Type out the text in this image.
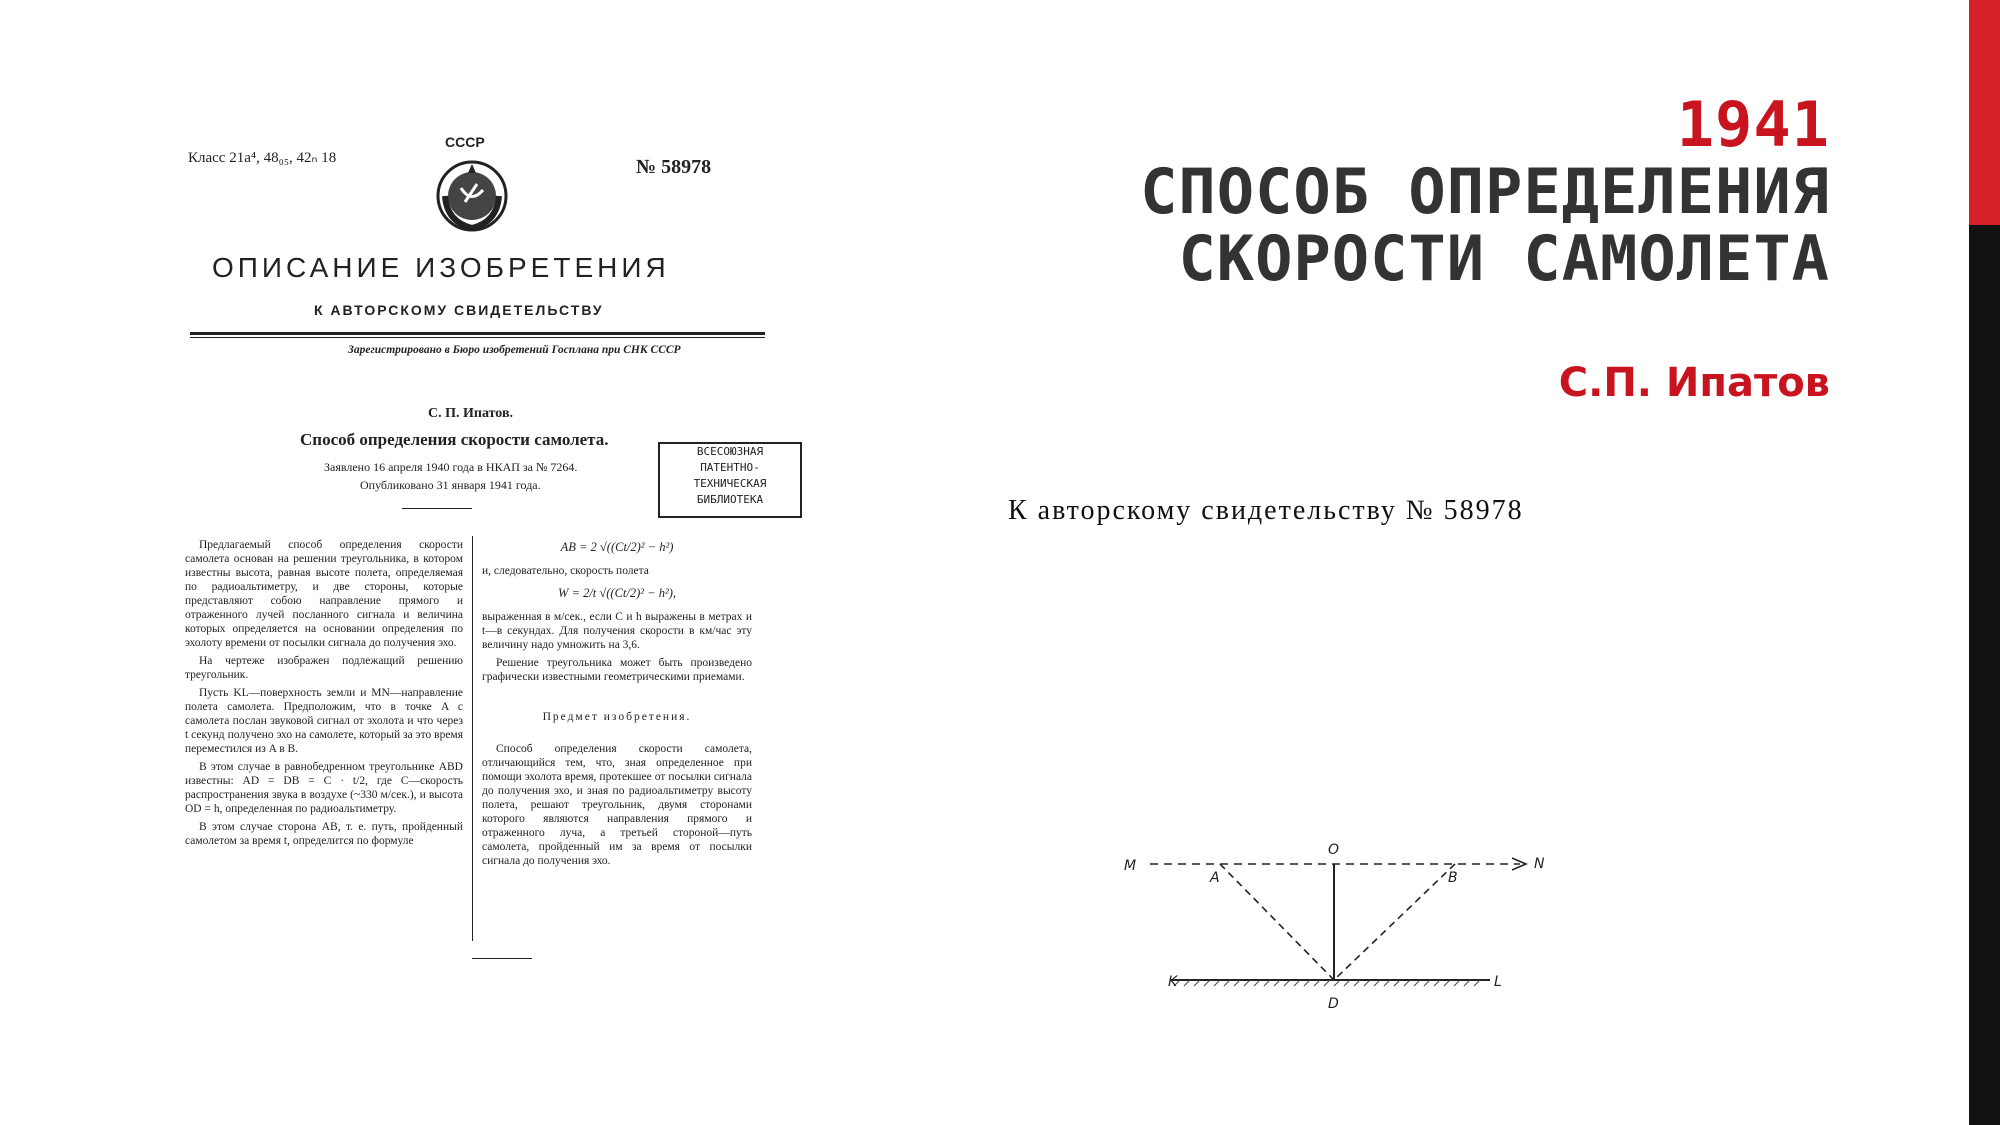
1941
СПОСОБ ОПРЕДЕЛЕНИЯ
СКОРОСТИ САМОЛЕТА
С.П. Ипатов
Класс 21a⁴, 48₀₅, 42ₙ 18
СССР
№ 58978
ОПИСАНИЕ ИЗОБРЕТЕНИЯ
К АВТОРСКОМУ СВИДЕТЕЛЬСТВУ
Зарегистрировано в Бюро изобретений Госплана при СНК СССР
С. П. Ипатов.
Способ определения скорости самолета.
Заявлено 16 апреля 1940 года в НКАП за № 7264.
Опубликовано 31 января 1941 года.
ВСЕСОЮЗНАЯ
ПАТЕНТНО-
ТЕХНИЧЕСКАЯ
БИБЛИОТЕКА

Предлагаемый способ определения скорости самолета основан на решении треугольника, в котором известны высота, равная высоте полета, определяемая по радиоальтиметру, и две стороны, которые представляют собою направление прямого и отраженного лучей посланного сигнала и величина которых определяется на основании определения по эхолоту времени от посылки сигнала до получения эхо.

На чертеже изображен подлежащий решению треугольник.

Пусть KL—поверхность земли и MN—направление полета самолета. Предположим, что в точке A с самолета послан звуковой сигнал от эхолота и что через t секунд получено эхо на самолете, который за это время переместился из A в B.

В этом случае в равнобедренном треугольнике ABD известны: AD = DB = C · t/2, где C—скорость распространения звука в воздухе (~330 м/сек.), и высота OD = h, определенная по радиоальтиметру.

В этом случае сторона AB, т. е. путь, пройденный самолетом за время t, определится по формуле

AB = 2 √((Ct/2)² − h²)

и, следовательно, скорость полета

W = 2/t √((Ct/2)² − h²),

выраженная в м/сек., если C и h выражены в метрах и t—в секундах. Для получения скорости в км/час эту величину надо умножить на 3,6.

Решение треугольника может быть произведено графически известными геометрическими приемами.

Предмет изобретения.

Способ определения скорости самолета, отличающийся тем, что, зная определенное при помощи эхолота время, протекшее от посылки сигнала до получения эхо, и зная по радиоальтиметру высоту полета, решают треугольник, двумя сторонами которого являются направления прямого и отраженного луча, а третьей стороной—путь самолета, пройденный им за время от посылки сигнала до получения эхо.

К авторскому свидетельству № 58978
M	N
O
A	B
K	L
D
